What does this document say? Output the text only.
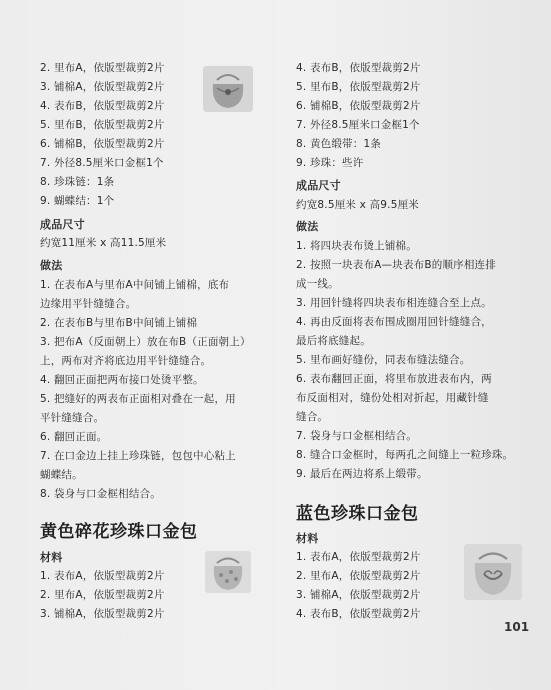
2. 里布A，依版型裁剪2片
3. 铺棉A，依版型裁剪2片
4. 表布B，依版型裁剪2片
5. 里布B，依版型裁剪2片
6. 铺棉B，依版型裁剪2片
7. 外径8.5厘米口金框1个
8. 珍珠链：1条
9. 蝴蝶结：1个
成品尺寸
约宽11厘米 x 高11.5厘米
做法
1. 在表布A与里布A中间铺上铺棉，底布
边缘用平针缝缝合。
2. 在表布B与里布B中间铺上铺棉
3. 把布A（反面朝上）放在布B（正面朝上）
上，两布对齐将底边用平针缝缝合。
4. 翻回正面把两布接口处烫平整。
5. 把缝好的两表布正面相对叠在一起，用
平针缝缝合。
6. 翻回正面。
7. 在口金边上挂上珍珠链，包包中心粘上
蝴蝶结。
8. 袋身与口金框相结合。
黄色碎花珍珠口金包
材料
1. 表布A，依版型裁剪2片
2. 里布A，依版型裁剪2片
3. 铺棉A，依版型裁剪2片
4. 表布B，依版型裁剪2片
5. 里布B，依版型裁剪2片
6. 铺棉B，依版型裁剪2片
7. 外径8.5厘米口金框1个
8. 黄色缎带：1条
9. 珍珠：些许
成品尺寸
约宽8.5厘米 x 高9.5厘米
做法
1. 将四块表布烫上铺棉。
2. 按照一块表布A—块表布B的顺序相连排
成一线。
3. 用回针缝将四块表布相连缝合至上点。
4. 再由反面将表布围成圈用回针缝缝合，
最后将底缝起。
5. 里布画好缝份，同表布缝法缝合。
6. 表布翻回正面，将里布放进表布内，两
布反面相对，缝份处相对折起，用藏针缝
缝合。
7. 袋身与口金框相结合。
8. 缝合口金框时，每两孔之间缝上一粒珍珠。
9. 最后在两边将系上缎带。
蓝色珍珠口金包
材料
1. 表布A，依版型裁剪2片
2. 里布A，依版型裁剪2片
3. 铺棉A，依版型裁剪2片
4. 表布B，依版型裁剪2片
101
